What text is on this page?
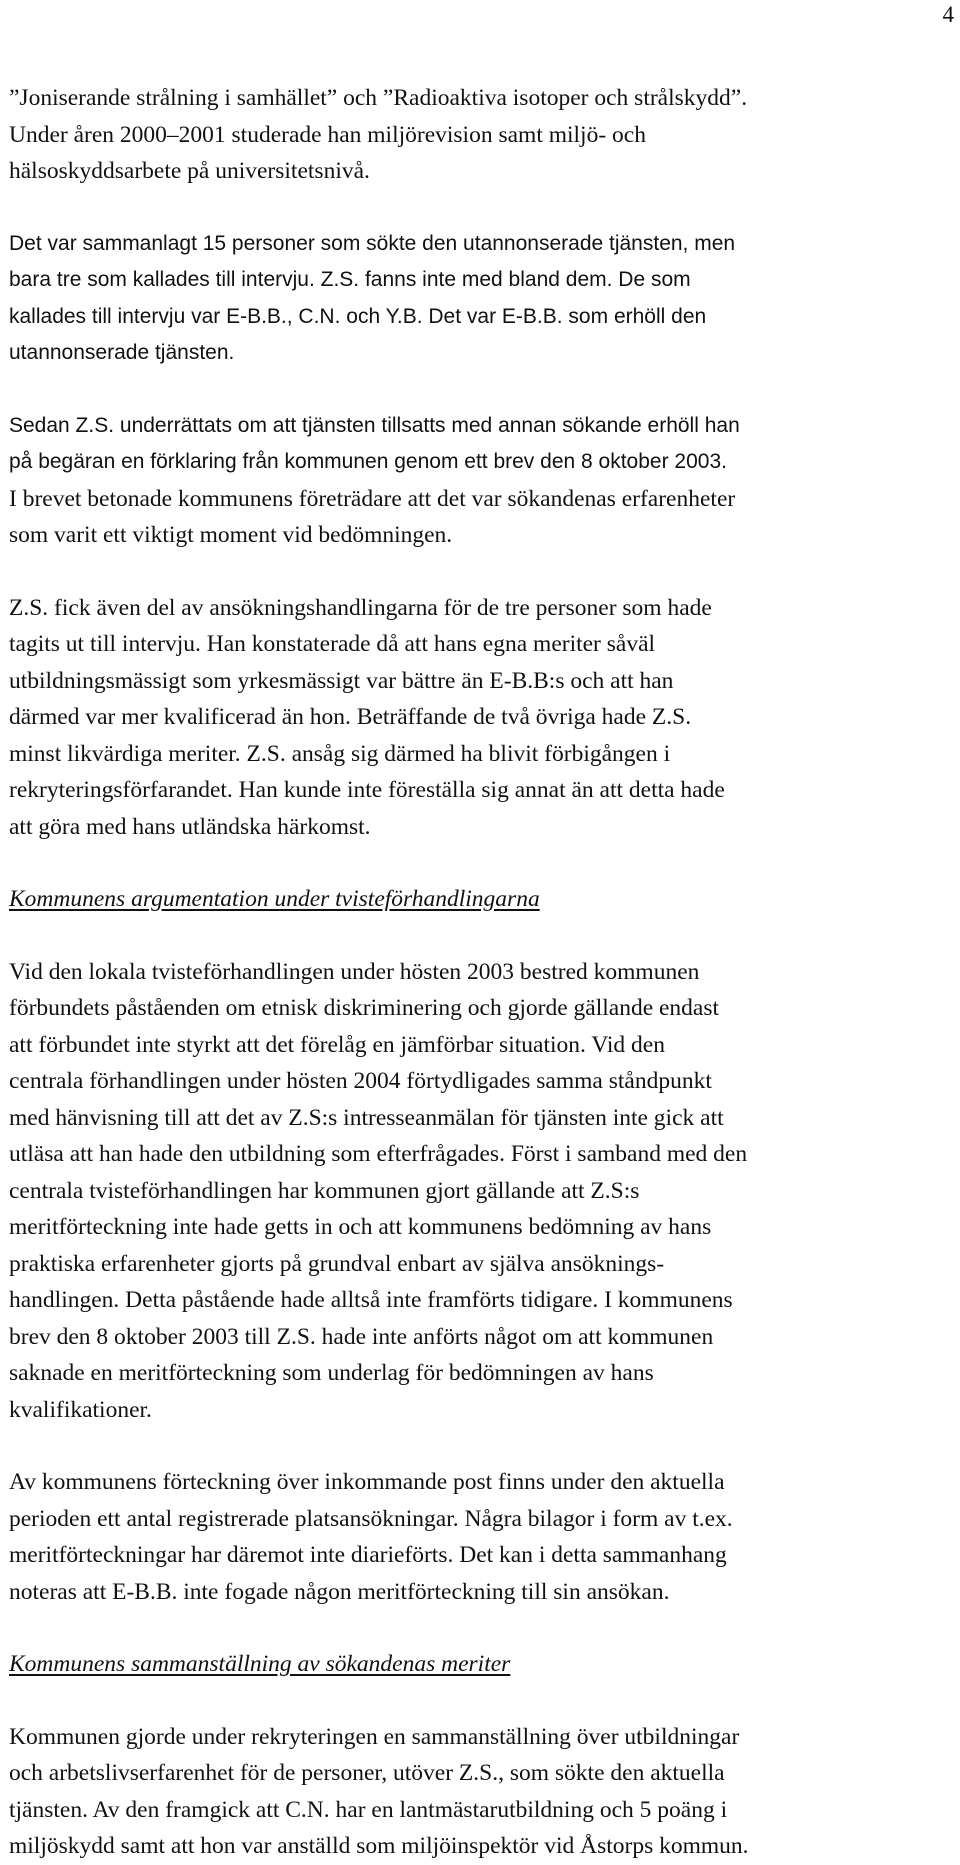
4
”Joniserande strålning i samhället” och ”Radioaktiva isotoper och strålskydd”.
Under åren 2000–2001 studerade han miljörevision samt miljö- och
hälsoskyddsarbete på universitetsnivå.
Det var sammanlagt 15 personer som sökte den utannonserade tjänsten, men
bara tre som kallades till intervju. Z.S. fanns inte med bland dem. De som
kallades till intervju var E-B.B., C.N. och Y.B. Det var E-B.B. som erhöll den
utannonserade tjänsten.
Sedan Z.S. underrättats om att tjänsten tillsatts med annan sökande erhöll han
på begäran en förklaring från kommunen genom ett brev den 8 oktober 2003.
I brevet betonade kommunens företrädare att det var sökandenas erfarenheter
som varit ett viktigt moment vid bedömningen.
Z.S. fick även del av ansökningshandlingarna för de tre personer som hade
tagits ut till intervju. Han konstaterade då att hans egna meriter såväl
utbildningsmässigt som yrkesmässigt var bättre än E-B.B:s och att han
därmed var mer kvalificerad än hon. Beträffande de två övriga hade Z.S.
minst likvärdiga meriter. Z.S. ansåg sig därmed ha blivit förbigången i
rekryteringsförfarandet. Han kunde inte föreställa sig annat än att detta hade
att göra med hans utländska härkomst.
Kommunens argumentation under tvisteförhandlingarna
Vid den lokala tvisteförhandlingen under hösten 2003 bestred kommunen
förbundets påståenden om etnisk diskriminering och gjorde gällande endast
att förbundet inte styrkt att det förelåg en jämförbar situation. Vid den
centrala förhandlingen under hösten 2004 förtydligades samma ståndpunkt
med hänvisning till att det av Z.S:s intresseanmälan för tjänsten inte gick att
utläsa att han hade den utbildning som efterfrågades. Först i samband med den
centrala tvisteförhandlingen har kommunen gjort gällande att Z.S:s
meritförteckning inte hade getts in och att kommunens bedömning av hans
praktiska erfarenheter gjorts på grundval enbart av själva ansöknings-
handlingen. Detta påstående hade alltså inte framförts tidigare. I kommunens
brev den 8 oktober 2003 till Z.S. hade inte anförts något om att kommunen
saknade en meritförteckning som underlag för bedömningen av hans
kvalifikationer.
Av kommunens förteckning över inkommande post finns under den aktuella
perioden ett antal registrerade platsansökningar. Några bilagor i form av t.ex.
meritförteckningar har däremot inte diarieförts. Det kan i detta sammanhang
noteras att E-B.B. inte fogade någon meritförteckning till sin ansökan.
Kommunens sammanställning av sökandenas meriter
Kommunen gjorde under rekryteringen en sammanställning över utbildningar
och arbetslivserfarenhet för de personer, utöver Z.S., som sökte den aktuella
tjänsten. Av den framgick att C.N. har en lantmästarutbildning och 5 poäng i
miljöskydd samt att hon var anställd som miljöinspektör vid Åstorps kommun.
